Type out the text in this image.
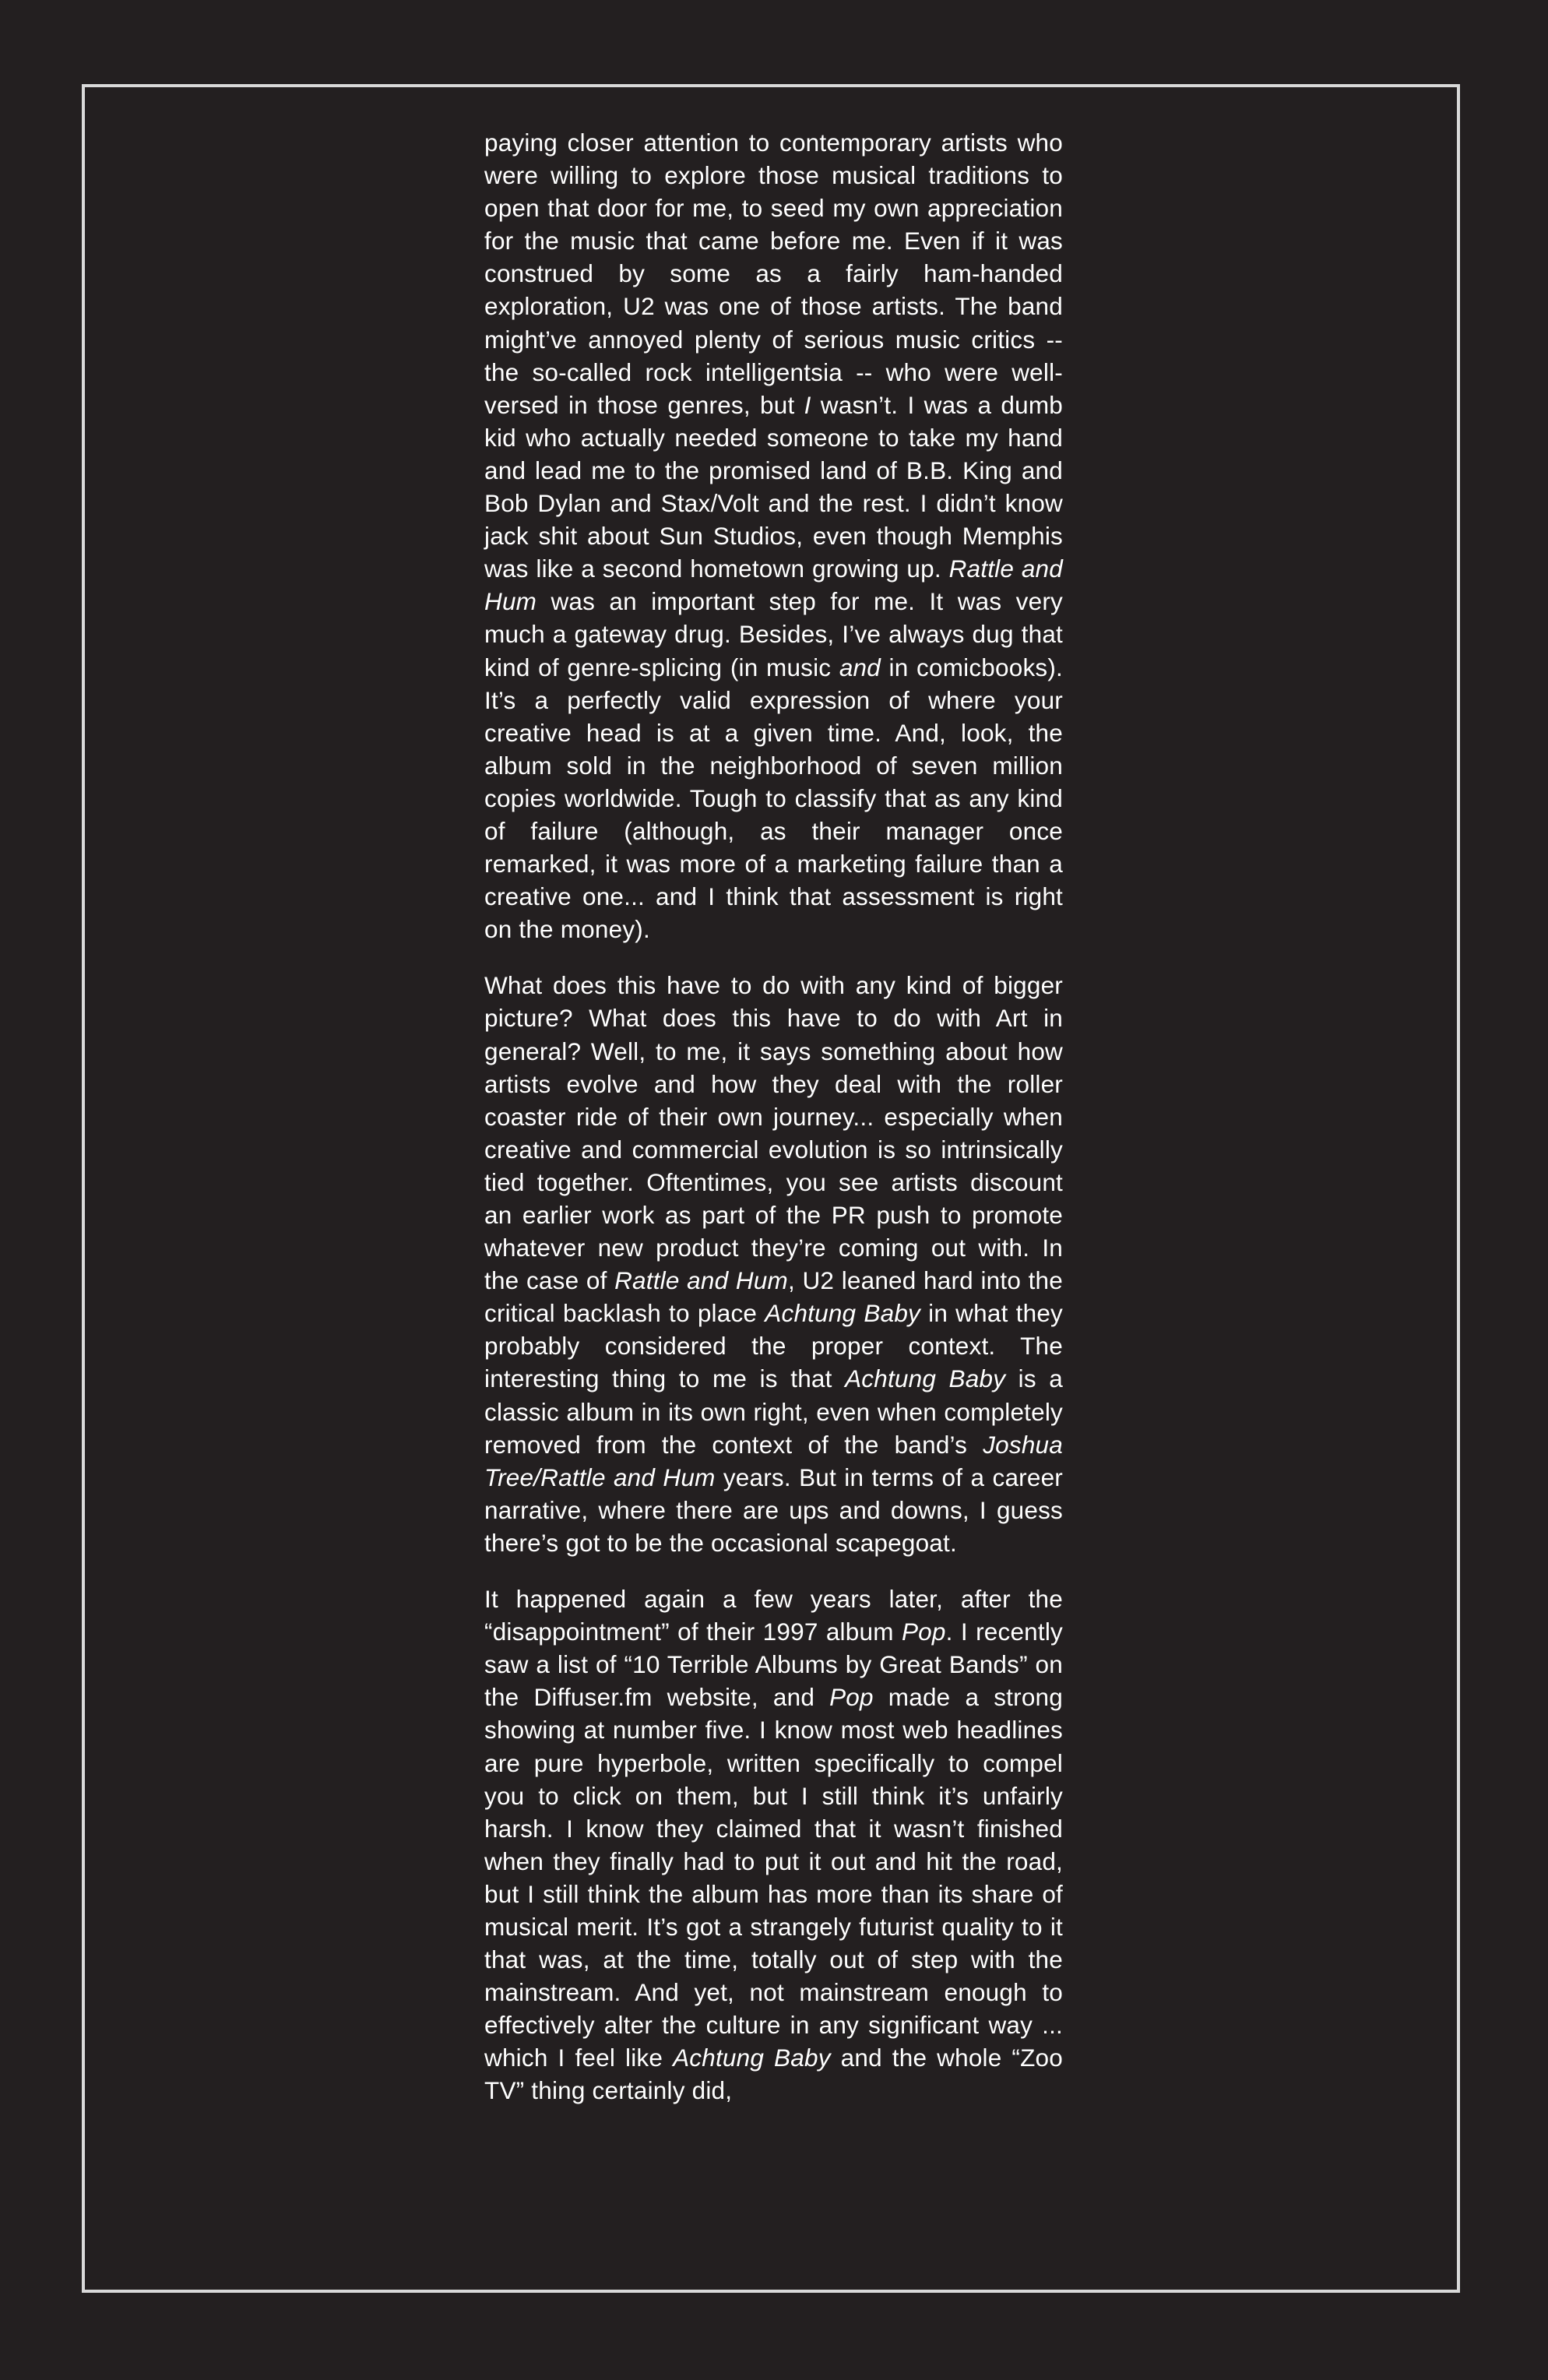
paying closer attention to contemporary artists who were willing to explore those musical traditions to open that door for me, to seed my own appreciation for the music that came before me. Even if it was construed by some as a fairly ham-handed exploration, U2 was one of those artists. The band might’ve annoyed plenty of serious music critics -- the so-called rock intelligentsia -- who were well-versed in those genres, but I wasn’t. I was a dumb kid who actually needed someone to take my hand and lead me to the promised land of B.B. King and Bob Dylan and Stax/Volt and the rest. I didn’t know jack shit about Sun Studios, even though Memphis was like a second hometown growing up. Rattle and Hum was an important step for me. It was very much a gateway drug. Besides, I’ve always dug that kind of genre-splicing (in music and in comicbooks). It’s a perfectly valid expression of where your creative head is at a given time. And, look, the album sold in the neighborhood of seven million copies worldwide. Tough to classify that as any kind of failure (although, as their manager once remarked, it was more of a marketing failure than a creative one... and I think that assessment is right on the money).

What does this have to do with any kind of bigger picture? What does this have to do with Art in general? Well, to me, it says something about how artists evolve and how they deal with the roller coaster ride of their own journey... especially when creative and commercial evolution is so intrinsically tied together. Oftentimes, you see artists discount an earlier work as part of the PR push to promote whatever new product they’re coming out with. In the case of Rattle and Hum, U2 leaned hard into the critical backlash to place Achtung Baby in what they probably considered the proper context. The interesting thing to me is that Achtung Baby is a classic album in its own right, even when completely removed from the context of the band’s Joshua Tree/Rattle and Hum years. But in terms of a career narrative, where there are ups and downs, I guess there’s got to be the occasional scapegoat.

It happened again a few years later, after the “disappointment” of their 1997 album Pop. I recently saw a list of “10 Terrible Albums by Great Bands” on the Diffuser.fm website, and Pop made a strong showing at number five. I know most web headlines are pure hyperbole, written specifically to compel you to click on them, but I still think it’s unfairly harsh. I know they claimed that it wasn’t finished when they finally had to put it out and hit the road, but I still think the album has more than its share of musical merit. It’s got a strangely futurist quality to it that was, at the time, totally out of step with the mainstream. And yet, not mainstream enough to effectively alter the culture in any significant way ... which I feel like Achtung Baby and the whole “Zoo TV” thing certainly did,
